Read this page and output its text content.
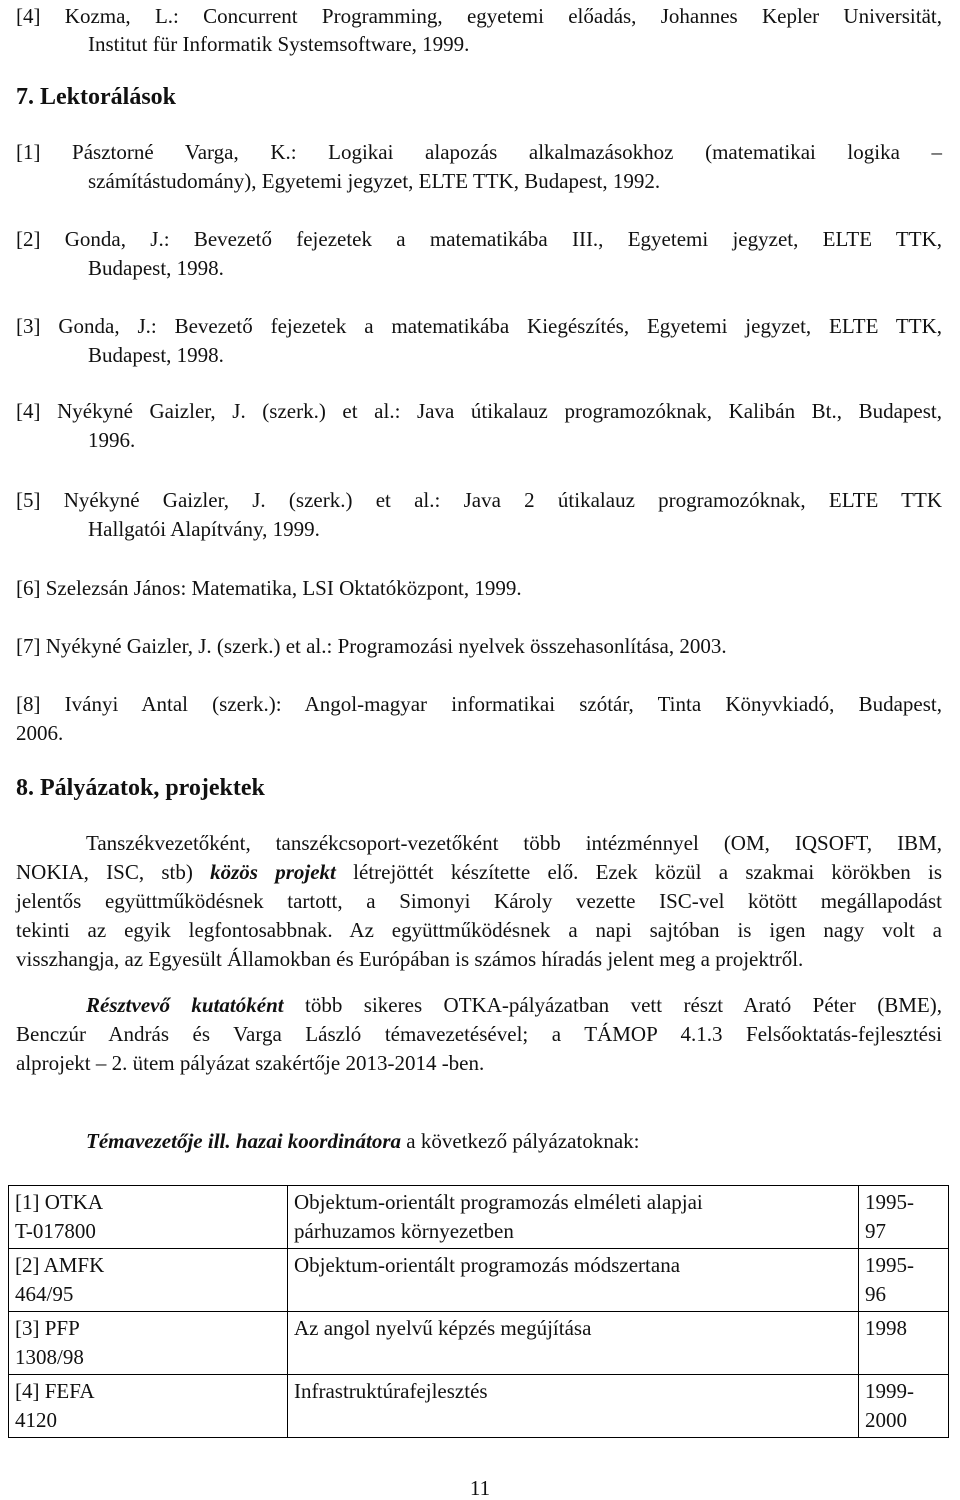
[4] Kozma, L.: Concurrent Programming, egyetemi előadás, Johannes Kepler Universität,
Institut für Informatik Systemsoftware, 1999.
7. Lektorálások
[1] Pásztorné Varga, K.: Logikai alapozás alkalmazásokhoz (matematikai logika –
számítástudomány), Egyetemi jegyzet, ELTE TTK, Budapest, 1992.
[2] Gonda, J.: Bevezető fejezetek a matematikába III., Egyetemi jegyzet, ELTE TTK,
Budapest, 1998.
[3] Gonda, J.: Bevezető fejezetek a matematikába Kiegészítés, Egyetemi jegyzet, ELTE TTK,
Budapest, 1998.
[4] Nyékyné Gaizler, J. (szerk.) et al.: Java útikalauz programozóknak, Kalibán Bt., Budapest,
1996.
[5] Nyékyné Gaizler, J. (szerk.) et al.: Java 2 útikalauz programozóknak, ELTE TTK
Hallgatói Alapítvány, 1999.
[6] Szelezsán János: Matematika, LSI Oktatóközpont, 1999.
[7] Nyékyné Gaizler, J. (szerk.) et al.: Programozási nyelvek összehasonlítása, 2003.
[8] Iványi Antal (szerk.): Angol-magyar informatikai szótár, Tinta Könyvkiadó, Budapest,
2006.
8. Pályázatok, projektek
Tanszékvezetőként, tanszékcsoport-vezetőként több intézménnyel (OM, IQSOFT, IBM,
NOKIA, ISC, stb) közös projekt létrejöttét készítette elő. Ezek közül a szakmai körökben is
jelentős együttműködésnek tartott, a Simonyi Károly vezette ISC-vel kötött megállapodást
tekinti az egyik legfontosabbnak. Az együttműködésnek a napi sajtóban is igen nagy volt a
visszhangja, az Egyesült Államokban és Európában is számos híradás jelent meg a projektről.
Résztvevő kutatóként több sikeres OTKA-pályázatban vett részt Arató Péter (BME),
Benczúr András és Varga László témavezetésével; a TÁMOP 4.1.3 Felsőoktatás-fejlesztési
alprojekt – 2. ütem pályázat szakértője 2013-2014 -ben.
Témavezetője ill. hazai koordinátora a következő pályázatoknak:
[1] OTKA
T-017800	Objektum-orientált programozás elméleti alapjai
párhuzamos környezetben	1995-
97
[2] AMFK
464/95	Objektum-orientált programozás módszertana	1995-
96
[3] PFP
1308/98	Az angol nyelvű képzés megújítása	1998
[4] FEFA
4120	Infrastruktúrafejlesztés	1999-
2000
11
